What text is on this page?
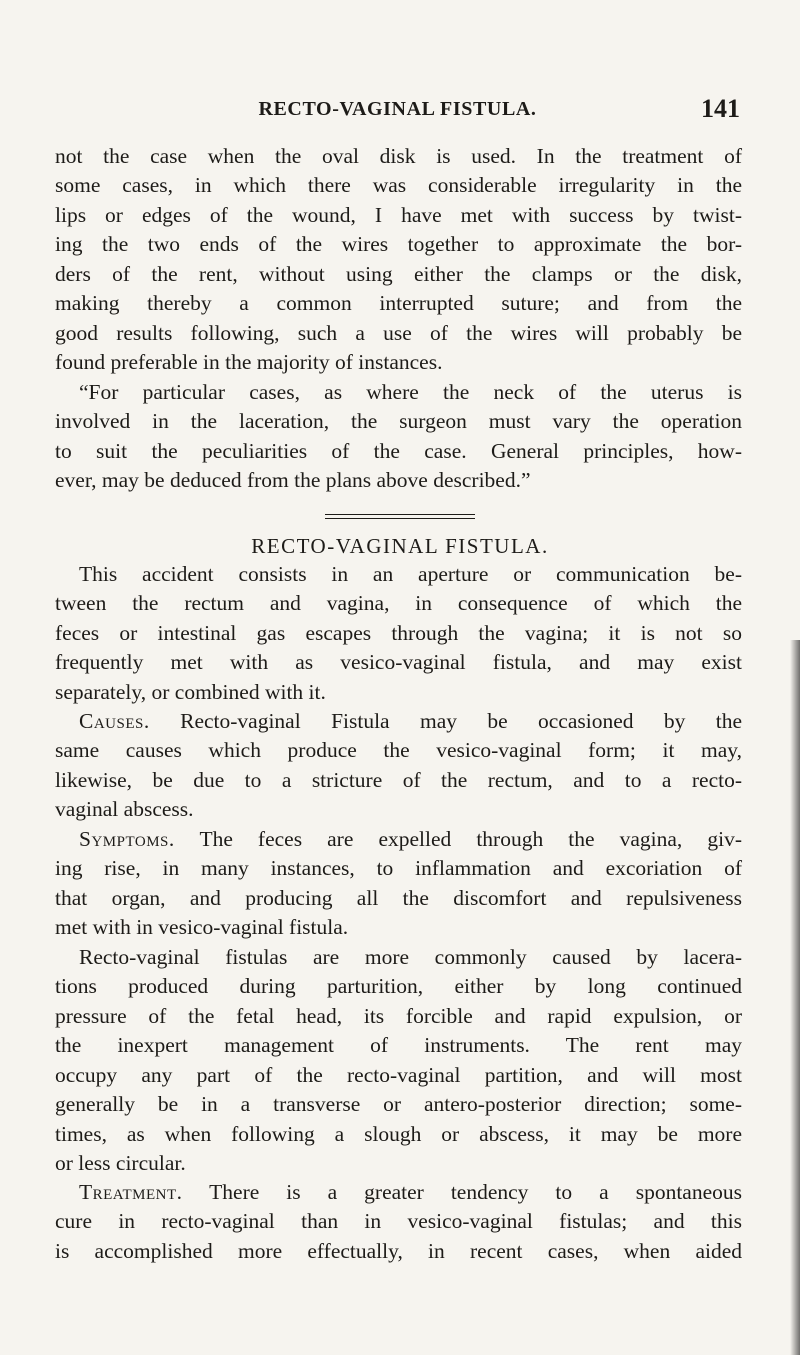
RECTO-VAGINAL FISTULA.	141
not the case when the oval disk is used. In the treatment of
some cases, in which there was considerable irregularity in the
lips or edges of the wound, I have met with success by twist-
ing the two ends of the wires together to approximate the bor-
ders of the rent, without using either the clamps or the disk,
making thereby a common interrupted suture; and from the
good results following, such a use of the wires will probably be
found preferable in the majority of instances.
“For particular cases, as where the neck of the uterus is
involved in the laceration, the surgeon must vary the operation
to suit the peculiarities of the case. General principles, how-
ever, may be deduced from the plans above described.”
RECTO-VAGINAL FISTULA.
This accident consists in an aperture or communication be-
tween the rectum and vagina, in consequence of which the
feces or intestinal gas escapes through the vagina; it is not so
frequently met with as vesico-vaginal fistula, and may exist
separately, or combined with it.
Causes. Recto-vaginal Fistula may be occasioned by the
same causes which produce the vesico-vaginal form; it may,
likewise, be due to a stricture of the rectum, and to a recto-
vaginal abscess.
Symptoms. The feces are expelled through the vagina, giv-
ing rise, in many instances, to inflammation and excoriation of
that organ, and producing all the discomfort and repulsiveness
met with in vesico-vaginal fistula.
Recto-vaginal fistulas are more commonly caused by lacera-
tions produced during parturition, either by long continued
pressure of the fetal head, its forcible and rapid expulsion, or
the inexpert management of instruments. The rent may
occupy any part of the recto-vaginal partition, and will most
generally be in a transverse or antero-posterior direction; some-
times, as when following a slough or abscess, it may be more
or less circular.
Treatment. There is a greater tendency to a spontaneous
cure in recto-vaginal than in vesico-vaginal fistulas; and this
is accomplished more effectually, in recent cases, when aided
